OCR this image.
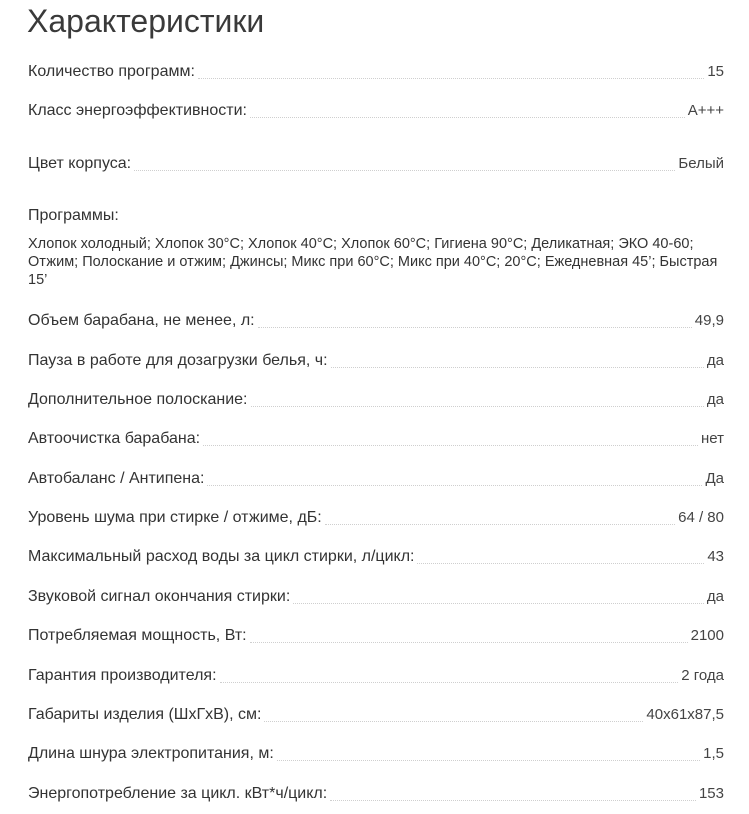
Характеристики
Количество программ:	15
Класс энергоэффективности:	A+++
Цвет корпуса:	Белый
Программы:
Хлопок холодный; Хлопок 30°C; Хлопок 40°C; Хлопок 60°C; Гигиена 90°C; Деликатная; ЭКО 40-60; Отжим; Полоскание и отжим; Джинсы; Микс при 60°C; Микс при 40°C; 20°C; Ежедневная 45’; Быстрая 15’
Объем барабана, не менее, л:	49,9
Пауза в работе для дозагрузки белья, ч:	да
Дополнительное полоскание:	да
Автоочистка барабана:	нет
Автобаланс / Антипена:	Да
Уровень шума при стирке / отжиме, дБ:	64 / 80
Максимальный расход воды за цикл стирки, л/цикл:	43
Звуковой сигнал окончания стирки:	да
Потребляемая мощность, Вт:	2100
Гарантия производителя:	2 года
Габариты изделия (ШхГхВ), см:	40x61x87,5
Длина шнура электропитания, м:	1,5
Энергопотребление за цикл. кВт*ч/цикл:	153
